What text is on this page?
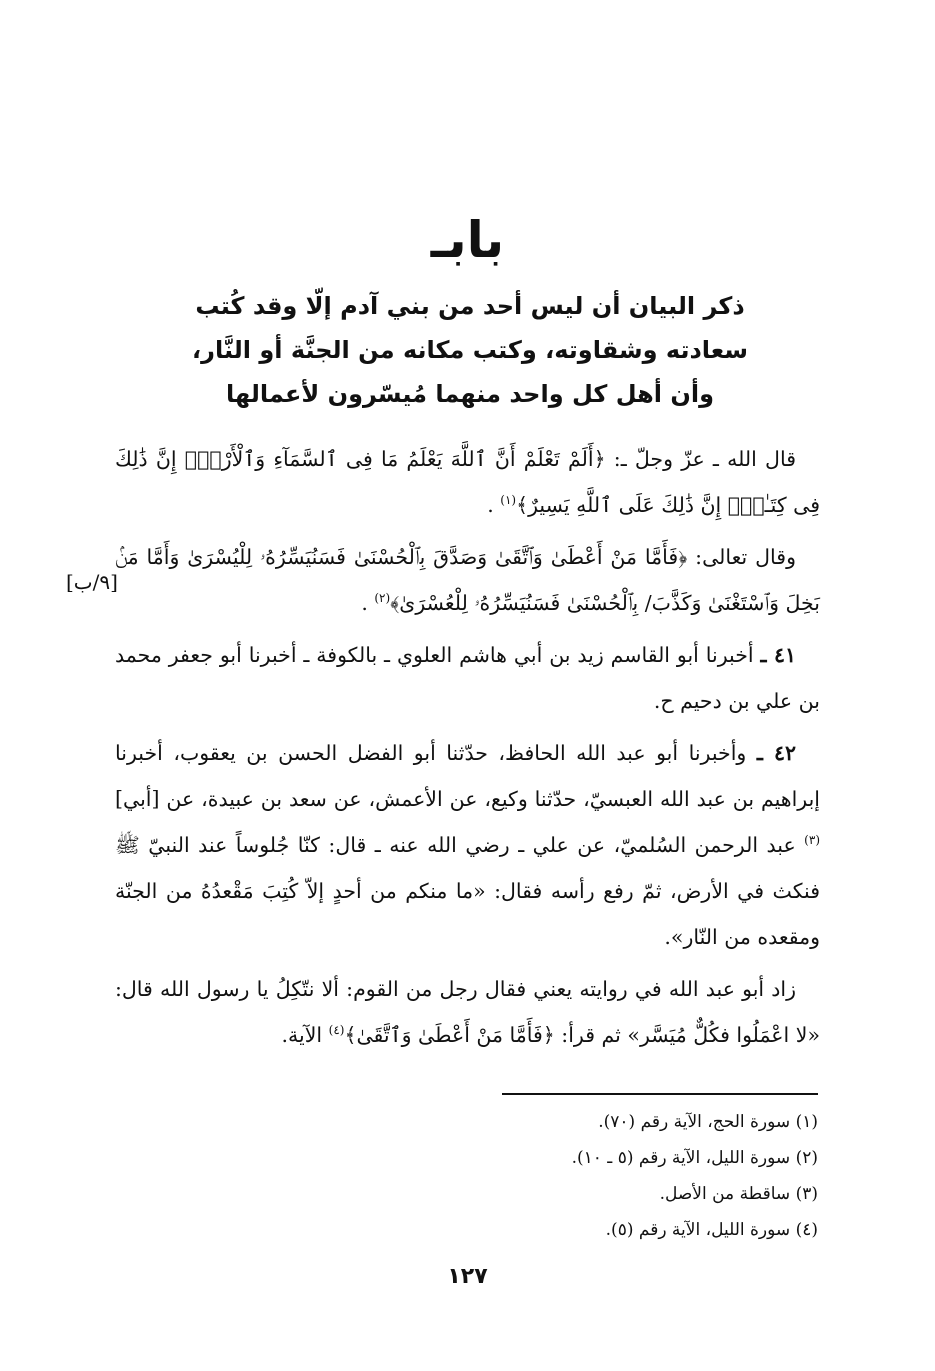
بابـ
ذكر البيان أن ليس أحد من بني آدم إلّا وقد كُتب
سعادته وشقاوته، وكتب مكانه من الجنَّة أو النَّار،
وأن أهل كل واحد منهما مُيسّرون لأعمالها

قال الله ـ عزّ وجلّ ـ: ﴿أَلَمْ تَعْلَمْ أَنَّ ٱللَّهَ يَعْلَمُ مَا فِى ٱلسَّمَآءِ وَٱلْأَرْضِۗ إِنَّ ذَٰلِكَ فِى كِتَـٰبٍۚ إِنَّ ذَٰلِكَ عَلَى ٱللَّهِ يَسِيرٌ﴾$^{(١)}$ .

وقال تعالى: ﴿فَأَمَّا مَنْ أَعْطَىٰ وَٱتَّقَىٰ وَصَدَّقَ بِٱلْحُسْنَىٰ فَسَنُيَسِّرُهُۥ لِلْيُسْرَىٰ وَأَمَّا مَنۢ بَخِلَ وَٱسْتَغْنَىٰ وَكَذَّبَ/ بِٱلْحُسْنَىٰ فَسَنُيَسِّرُهُۥ لِلْعُسْرَىٰ﴾$^{(٢)}$ .

٤١ ـ أخبرنا أبو القاسم زيد بن أبي هاشم العلوي ـ بالكوفة ـ أخبرنا أبو جعفر محمد بن علي بن دحيم ح.

٤٢ ـ وأخبرنا أبو عبد الله الحافظ، حدّثنا أبو الفضل الحسن بن يعقوب، أخبرنا إبراهيم بن عبد الله العبسيّ، حدّثنا وكيع، عن الأعمش، عن سعد بن عبيدة، عن [أبي]$^{(٣)}$ عبد الرحمن السُلميّ، عن علي ـ رضي الله عنه ـ قال: كنّا جُلوساً عند النبيّ ﷺ فنكث في الأرض، ثمّ رفع رأسه فقال: «ما منكم من أحدٍ إلاّ كُتِبَ مَقْعدُهُ من الجنّة ومقعده من النّار».

زاد أبو عبد الله في روايته يعني فقال رجل من القوم: ألا نتّكِلُ يا رسول الله قال: «لا اعْمَلُوا فكُلٌّ مُيَسَّر» ثم قرأ: ﴿فَأَمَّا مَنْ أَعْطَىٰ وَٱتَّقَىٰ﴾$^{(٤)}$ الآية.

[٩/ب]
(١) سورة الحج، الآية رقم (٧٠).
(٢) سورة الليل، الآية رقم (٥ ـ ١٠).
(٣) ساقطة من الأصل.
(٤) سورة الليل، الآية رقم (٥).
١٢٧
